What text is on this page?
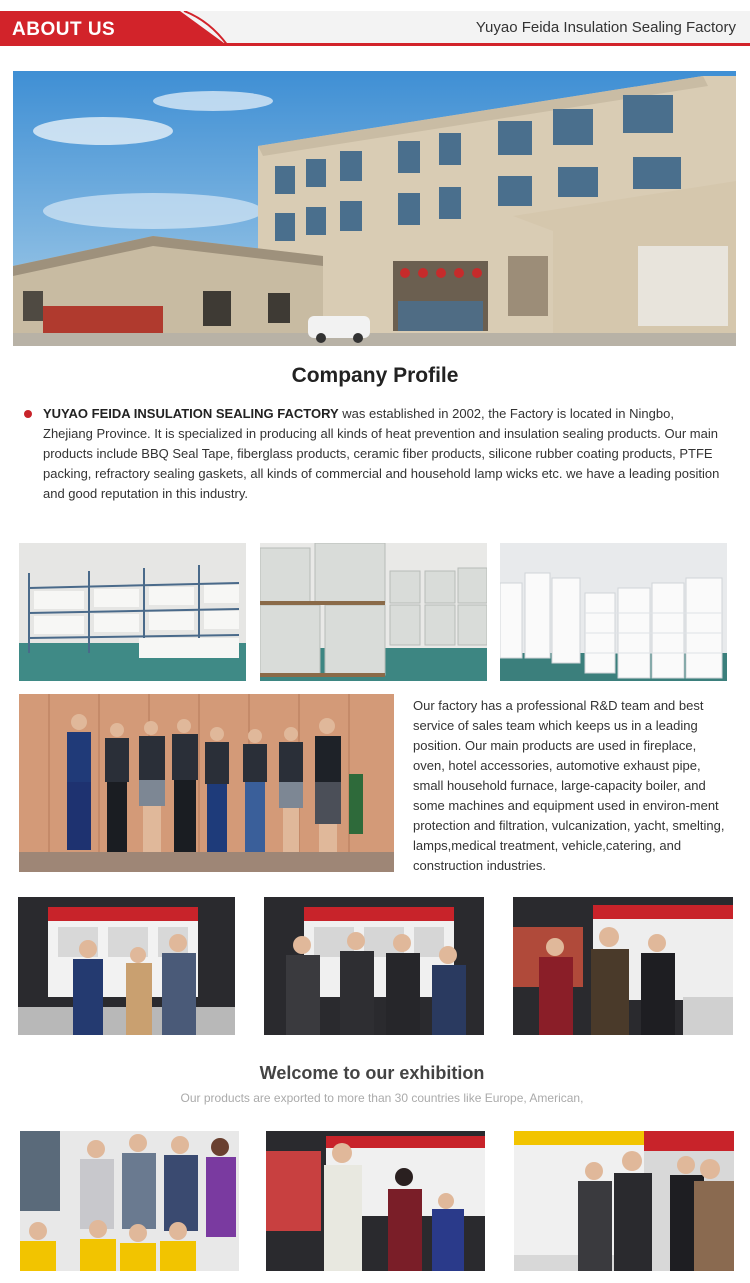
ABOUT US	Yuyao Feida Insulation Sealing Factory
Company Profile
YUYAO FEIDA INSULATION SEALING FACTORY was established in 2002, the Factory is located in Ningbo, Zhejiang Province. It is specialized in producing all kinds of heat prevention and insulation sealing products. Our main products include BBQ Seal Tape, fiberglass products, ceramic fiber products, silicone rubber coating products, PTFE packing, refractory sealing gaskets, all kinds of commercial and household lamp wicks etc. we have a leading position and good reputation in this industry.
Our factory has a professional R&D team and best service of sales team which keeps us in a leading position. Our main products are used in fireplace, oven, hotel accessories, automotive exhaust pipe, small household furnace, large-capacity boiler, and some machines and equipment used in environ-ment protection and filtration, vulcanization, yacht, smelting, lamps,medical treatment, vehicle,catering, and construction industries.
Welcome to our exhibition
Our products are exported to more than 30 countries like Europe, American,
